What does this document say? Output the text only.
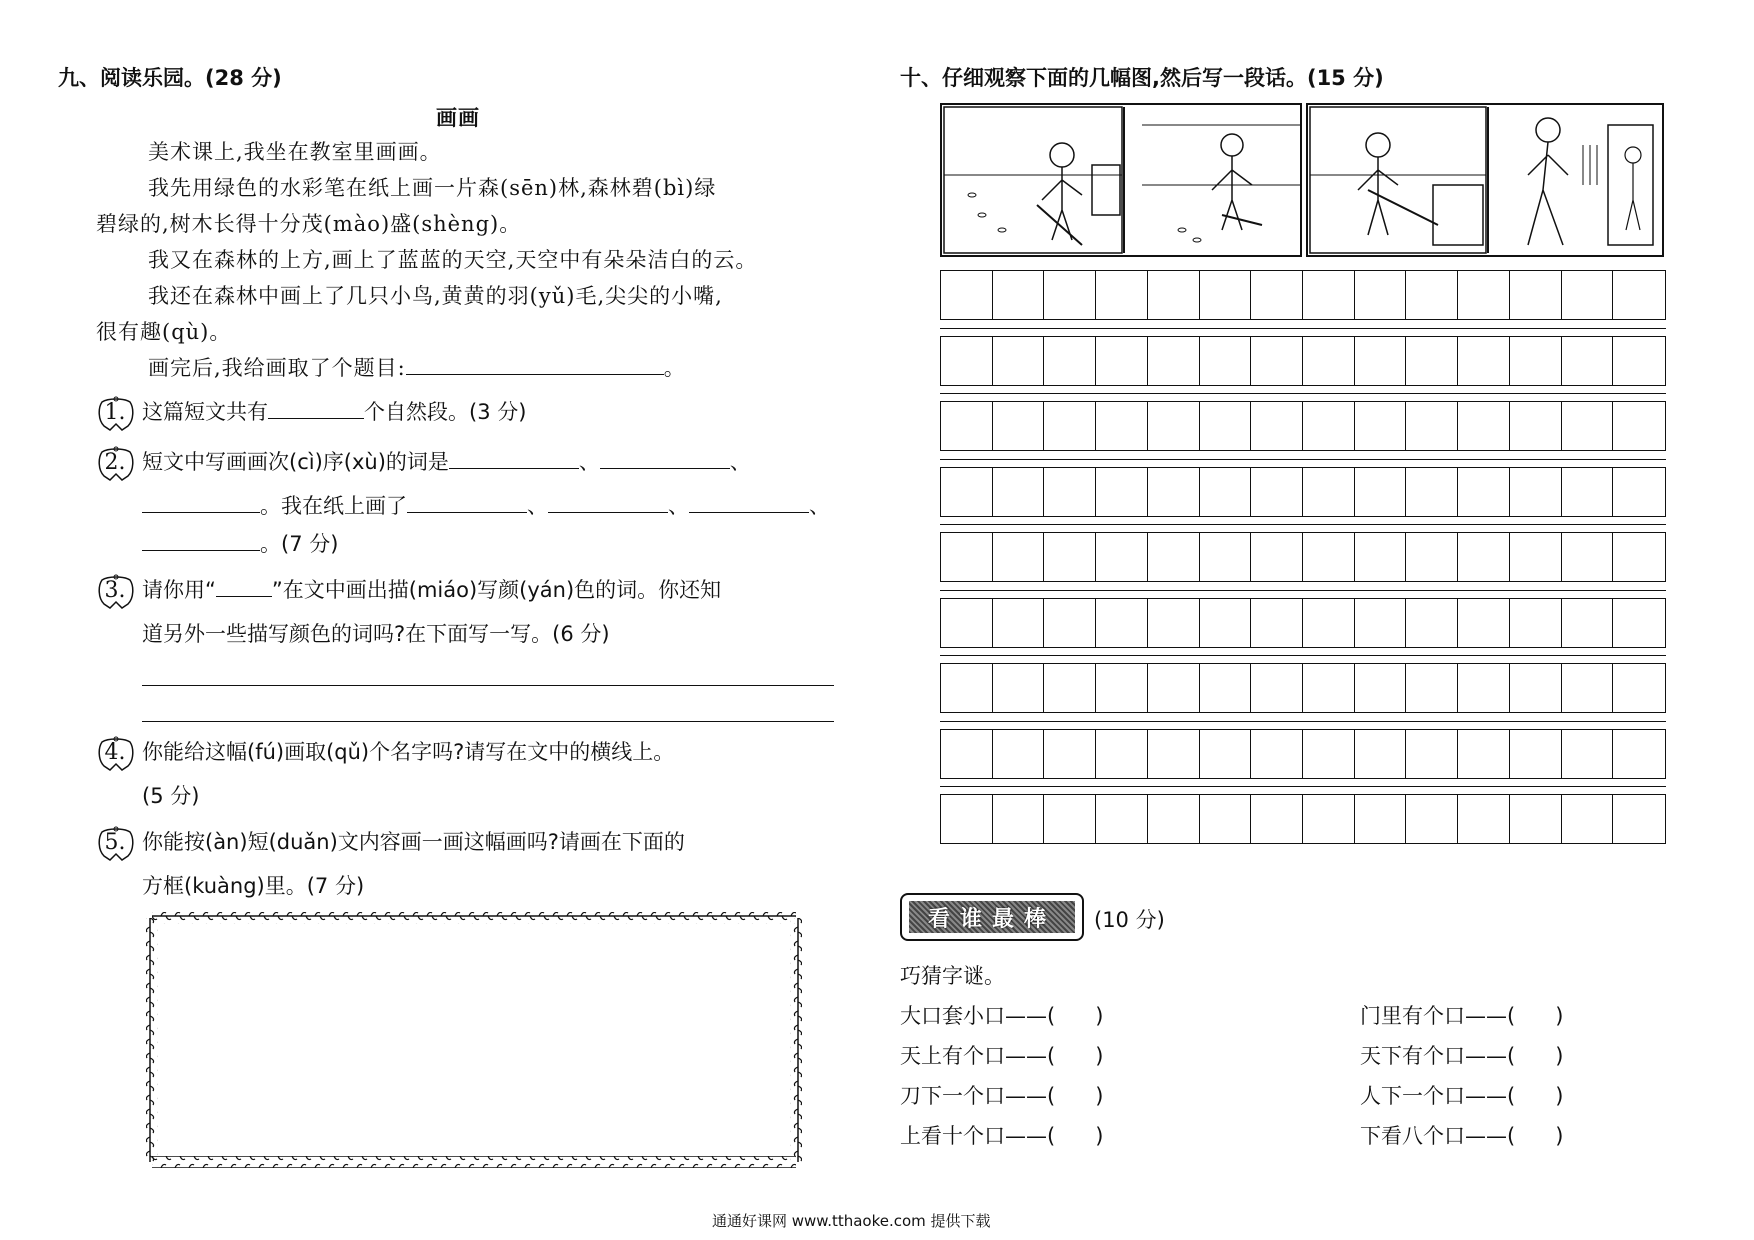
九、阅读乐园。(28 分)
画画
美术课上,我坐在教室里画画。
我先用绿色的水彩笔在纸上画一片森(sēn)林,森林碧(bì)绿
碧绿的,树木长得十分茂(mào)盛(shèng)。
我又在森林的上方,画上了蓝蓝的天空,天空中有朵朵洁白的云。
我还在森林中画上了几只小鸟,黄黄的羽(yǔ)毛,尖尖的小嘴,
很有趣(qù)。
画完后,我给画取了个题目:	。
1. 这篇短文共有	个自然段。(3 分)
2. 短文中写画画次(cì)序(xù)的词是	、	、
。我在纸上画了	、	、	、
。(7 分)
3. 请你用“	”在文中画出描(miáo)写颜(yán)色的词。你还知
道另外一些描写颜色的词吗?在下面写一写。(6 分)
4. 你能给这幅(fú)画取(qǔ)个名字吗?请写在文中的横线上。
(5 分)
5. 你能按(àn)短(duǎn)文内容画一画这幅画吗?请画在下面的
方框(kuàng)里。(7 分)
十、仔细观察下面的几幅图,然后写一段话。(15 分)
看谁最棒	(10 分)
巧猜字谜。
大口套小口——(      )
天上有个口——(      )
刀下一个口——(      )
上看十个口——(      )
门里有个口——(      )
天下有个口——(      )
人下一个口——(      )
下看八个口——(      )
通通好课网 www.tthaoke.com 提供下载
